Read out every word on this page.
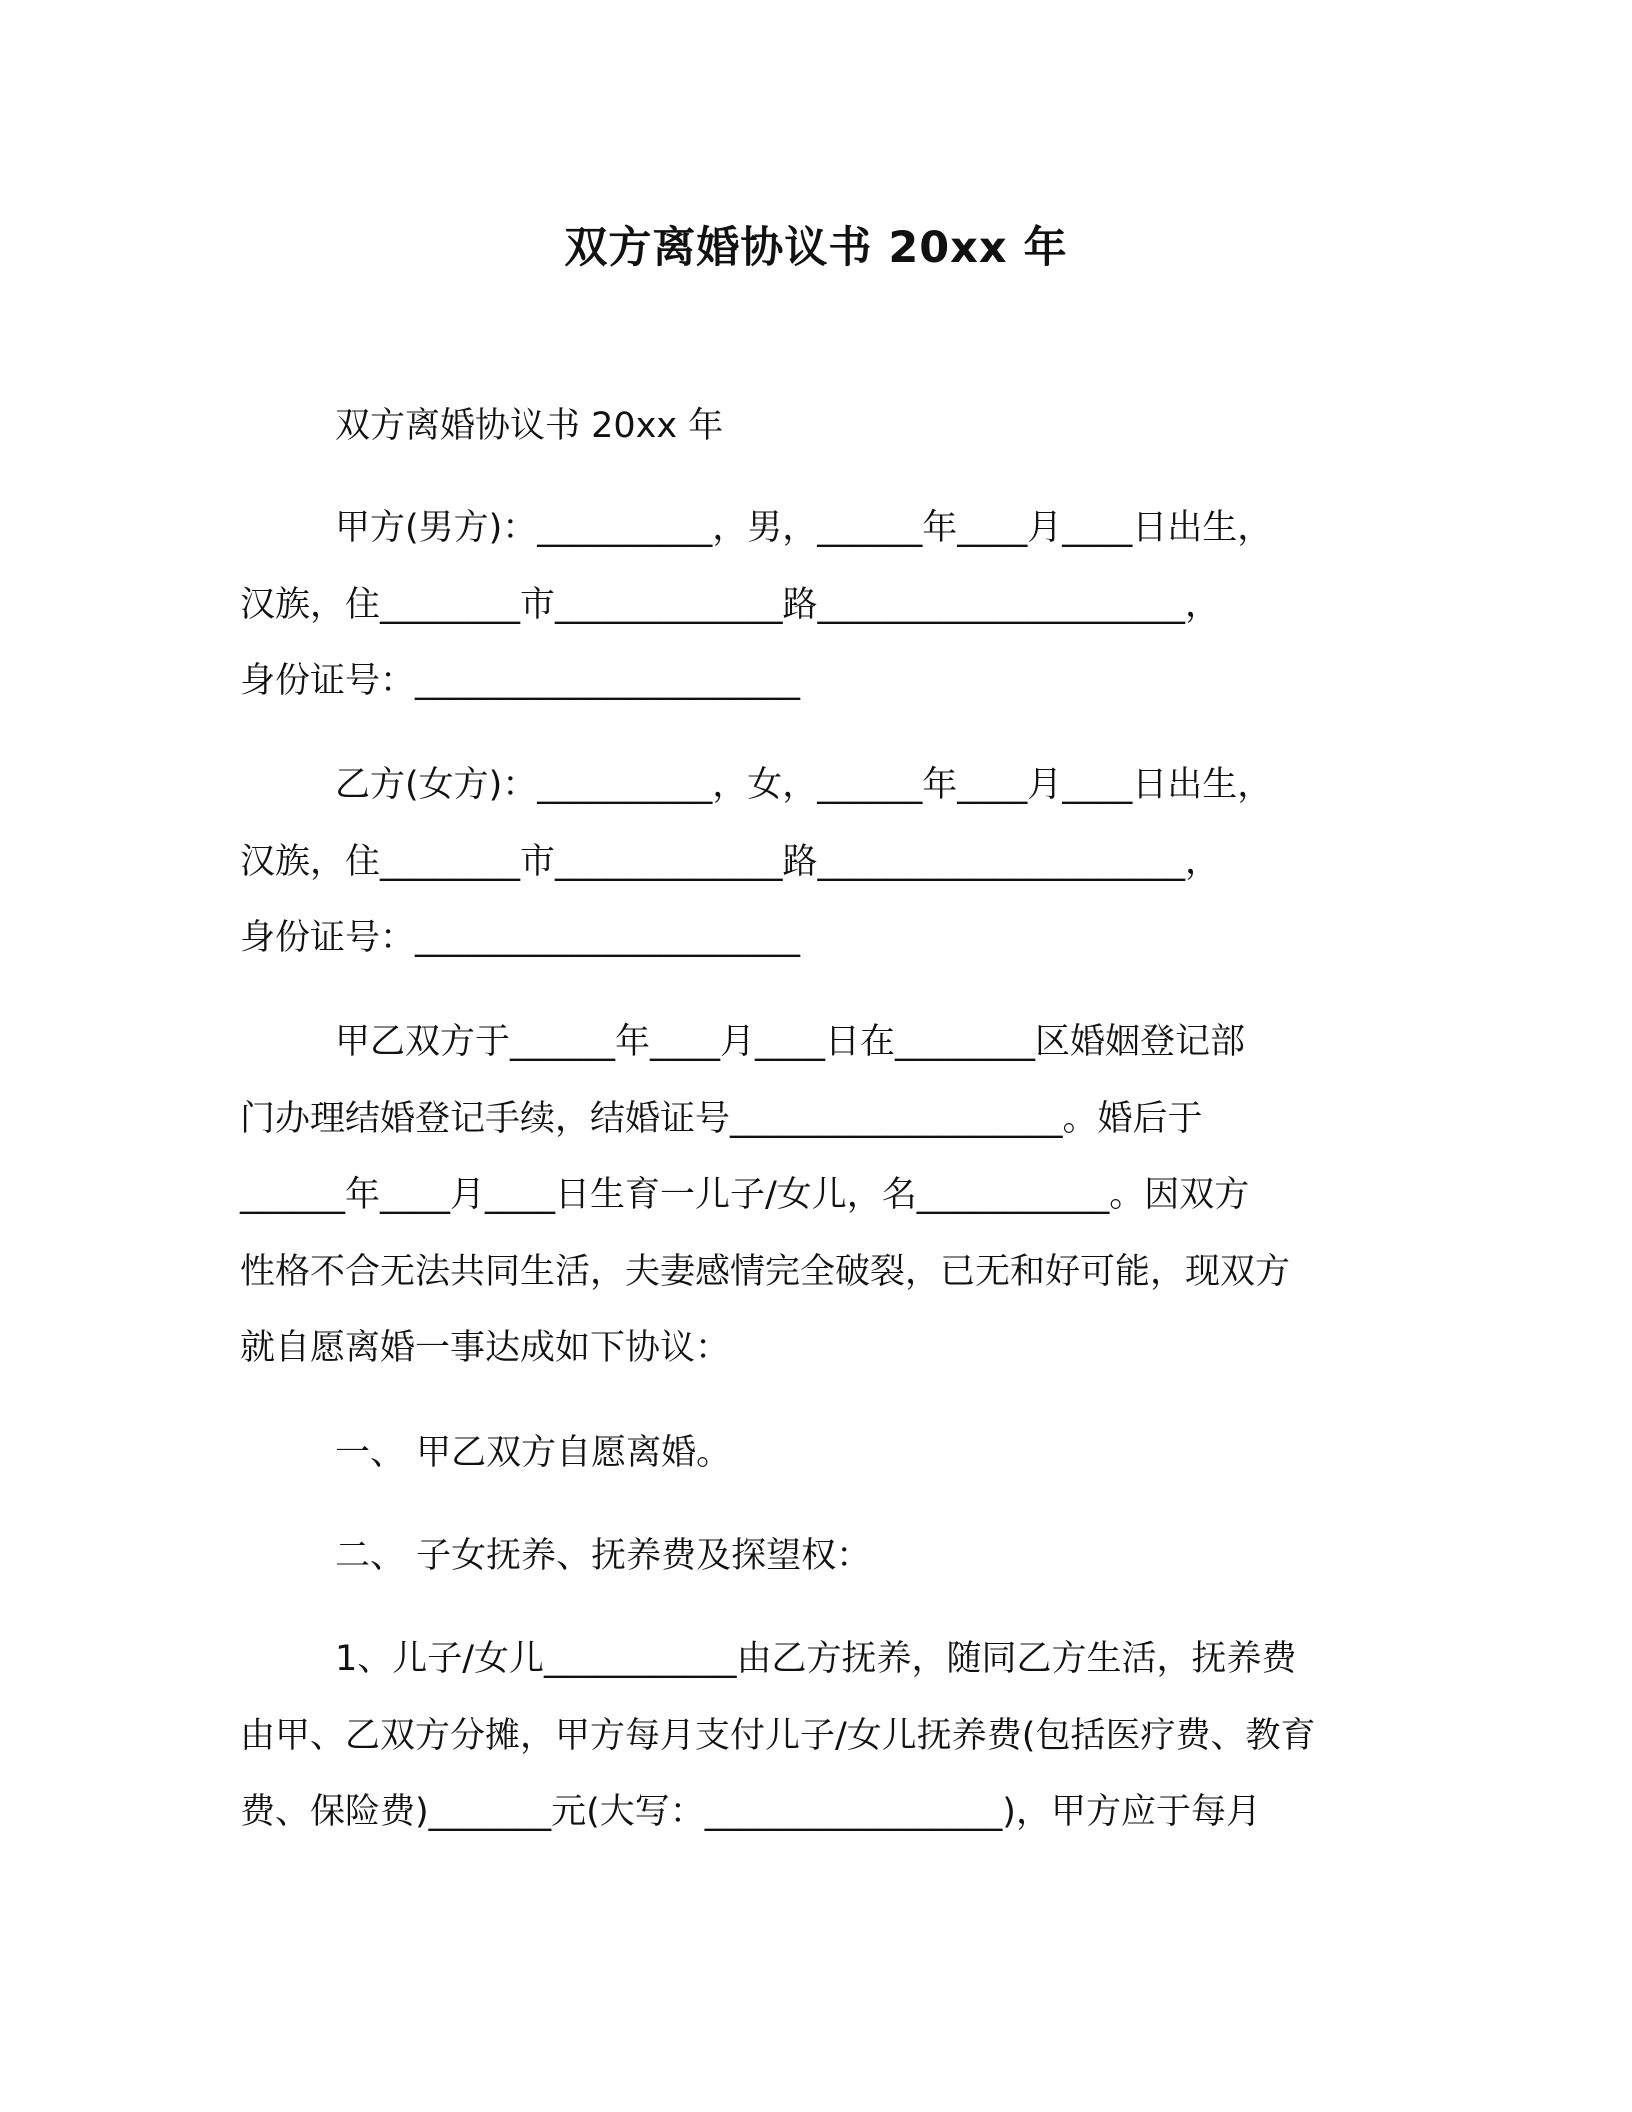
双方离婚协议书 20xx 年
双方离婚协议书 20xx 年
甲方(男方)：__________，男，______年____月____日出生，
汉族，住________市_____________路_____________________，
身份证号：______________________
乙方(女方)：__________，女，______年____月____日出生，
汉族，住________市_____________路_____________________，
身份证号：______________________
甲乙双方于______年____月____日在________区婚姻登记部
门办理结婚登记手续，结婚证号___________________。婚后于
______年____月____日生育一儿子/女儿，名___________。因双方
性格不合无法共同生活，夫妻感情完全破裂，已无和好可能，现双方
就自愿离婚一事达成如下协议：
一、 甲乙双方自愿离婚。
二、 子女抚养、抚养费及探望权：
1、儿子/女儿___________由乙方抚养，随同乙方生活，抚养费
由甲、乙双方分摊，甲方每月支付儿子/女儿抚养费(包括医疗费、教育
费、保险费)_______元(大写：_________________)，甲方应于每月
